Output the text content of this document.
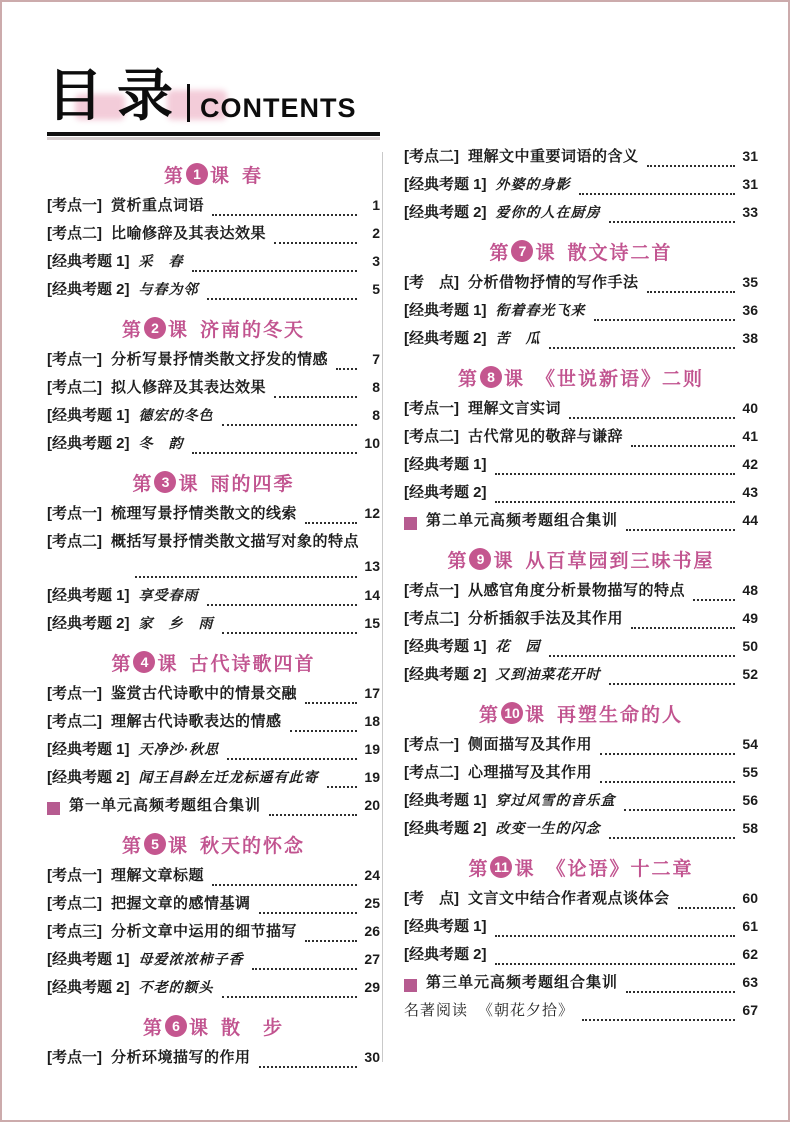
目录 CONTENTS
第 1 课 春
[考点一] 赏析重点词语	1
[考点二] 比喻修辞及其表达效果	2
[经典考题 1] 采　春	3
[经典考题 2] 与春为邻	5
第 2 课 济南的冬天
[考点一] 分析写景抒情类散文抒发的情感	7
[考点二] 拟人修辞及其表达效果	8
[经典考题 1] 德宏的冬色	8
[经典考题 2] 冬　韵	10
第 3 课 雨的四季
[考点一] 梳理写景抒情类散文的线索	12
[考点二] 概括写景抒情类散文描写对象的特点
13
[经典考题 1] 享受春雨	14
[经典考题 2] 家　乡　雨	15
第 4 课 古代诗歌四首
[考点一] 鉴赏古代诗歌中的情景交融	17
[考点二] 理解古代诗歌表达的情感	18
[经典考题 1] 天净沙·秋思	19
[经典考题 2] 闻王昌龄左迁龙标遥有此寄	19
第一单元高频考题组合集训	20
第 5 课 秋天的怀念
[考点一] 理解文章标题	24
[考点二] 把握文章的感情基调	25
[考点三] 分析文章中运用的细节描写	26
[经典考题 1] 母爱浓浓柿子香	27
[经典考题 2] 不老的额头	29
第 6 课 散　步
[考点一] 分析环境描写的作用	30
[考点二] 理解文中重要词语的含义	31
[经典考题 1] 外婆的身影	31
[经典考题 2] 爱你的人在厨房	33
第 7 课 散文诗二首
[考　点] 分析借物抒情的写作手法	35
[经典考题 1] 衔着春光飞来	36
[经典考题 2] 苦　瓜	38
第 8 课 《世说新语》二则
[考点一] 理解文言实词	40
[考点二] 古代常见的敬辞与谦辞	41
[经典考题 1]	42
[经典考题 2]	43
第二单元高频考题组合集训	44
第 9 课 从百草园到三味书屋
[考点一] 从感官角度分析景物描写的特点	48
[考点二] 分析插叙手法及其作用	49
[经典考题 1] 花　园	50
[经典考题 2] 又到油菜花开时	52
第 10 课 再塑生命的人
[考点一] 侧面描写及其作用	54
[考点二] 心理描写及其作用	55
[经典考题 1] 穿过风雪的音乐盒	56
[经典考题 2] 改变一生的闪念	58
第 11 课 《论语》十二章
[考　点] 文言文中结合作者观点谈体会	60
[经典考题 1]	61
[经典考题 2]	62
第三单元高频考题组合集训	63
名著阅读 《朝花夕拾》	67
